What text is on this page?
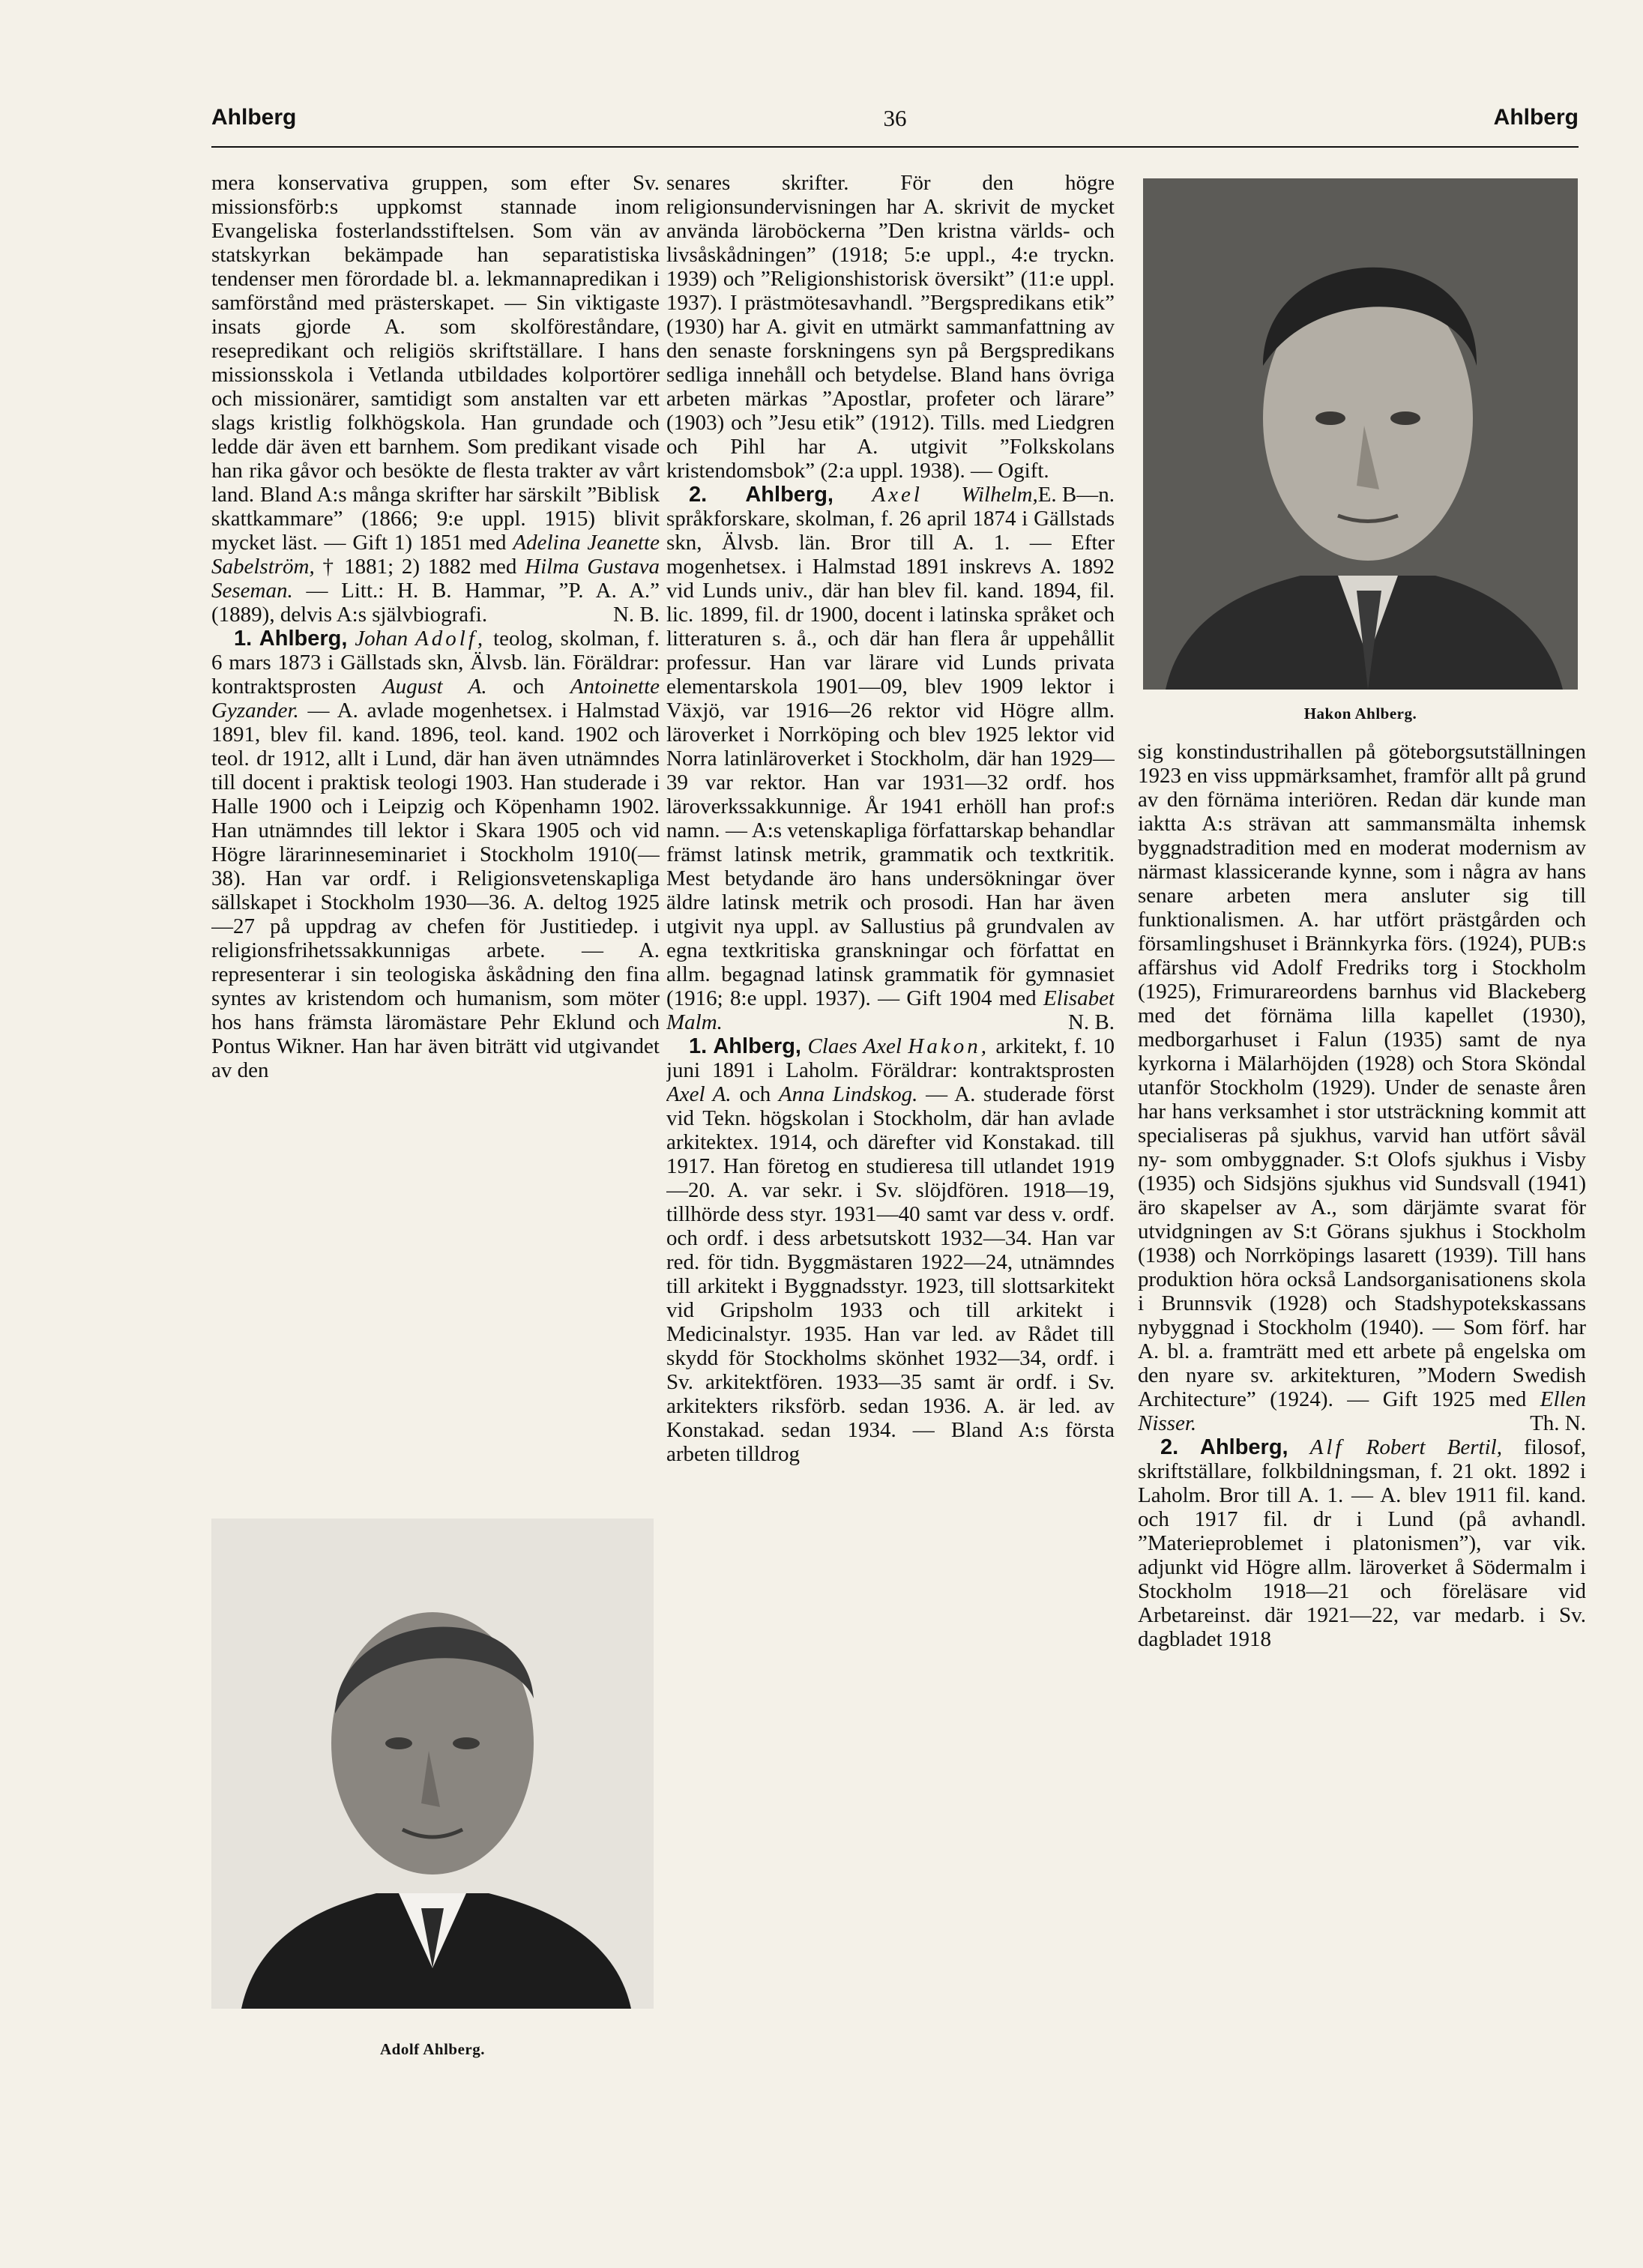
36
Ahlberg	Ahlberg

mera konservativa gruppen, som efter Sv. missionsförb:s uppkomst stannade inom Evangeliska fosterlandsstiftelsen. Som vän av statskyrkan bekämpade han separatistiska tendenser men förordade bl. a. lekmannapredikan i samförstånd med prästerskapet. — Sin viktigaste insats gjorde A. som skolföreståndare, resepredikant och religiös skriftställare. I hans missionsskola i Vetlanda utbildades kolportörer och missionärer, samtidigt som anstalten var ett slags kristlig folkhögskola. Han grundade och ledde där även ett barnhem. Som predikant visade han rika gåvor och besökte de flesta trakter av vårt land. Bland A:s många skrifter har särskilt ”Biblisk skattkammare” (1866; 9:e uppl. 1915) blivit mycket läst. — Gift 1) 1851 med Adelina Jeanette Sabelström, † 1881; 2) 1882 med Hilma Gustava Seseman. — Litt.: H. B. Hammar, ”P. A. A.” (1889), delvis A:s självbiografi.	N. B.

1. Ahlberg, Johan Adolf, teolog, skolman, f. 6 mars 1873 i Gällstads skn, Älvsb. län. Föräldrar: kontraktsprosten August A. och Antoinette Gyzander. — A. avlade mogenhetsex. i Halmstad 1891, blev fil. kand. 1896, teol. kand. 1902 och teol. dr 1912, allt i Lund, där han även utnämndes till docent i praktisk teologi 1903. Han studerade i Halle 1900 och i Leipzig och Köpenhamn 1902. Han utnämndes till lektor i Skara 1905 och vid Högre lärarinneseminariet i Stockholm 1910(—38). Han var ordf. i Religionsvetenskapliga sällskapet i Stockholm 1930—36. A. deltog 1925—27 på uppdrag av chefen för Justitiedep. i religionsfrihetssakkunnigas arbete. — A. representerar i sin teologiska åskådning den fina syntes av kristendom och humanism, som möter hos hans främsta läromästare Pehr Eklund och Pontus Wikner. Han har även biträtt vid utgivandet av den

Adolf Ahlberg.

senares skrifter. För den högre religionsundervisningen har A. skrivit de mycket använda läroböckerna ”Den kristna världs- och livsåskådningen” (1918; 5:e uppl., 4:e tryckn. 1939) och ”Religionshistorisk översikt” (11:e uppl. 1937). I prästmötesavhandl. ”Bergspredikans etik” (1930) har A. givit en utmärkt sammanfattning av den senaste forskningens syn på Bergspredikans sedliga innehåll och betydelse. Bland hans övriga arbeten märkas ”Apostlar, profeter och lärare” (1903) och ”Jesu etik” (1912). Tills. med Liedgren och Pihl har A. utgivit ”Folkskolans kristendomsbok” (2:a uppl. 1938). — Ogift.
E. B—n.

2. Ahlberg, Axel Wilhelm, språkforskare, skolman, f. 26 april 1874 i Gällstads skn, Älvsb. län. Bror till A. 1. — Efter mogenhetsex. i Halmstad 1891 inskrevs A. 1892 vid Lunds univ., där han blev fil. kand. 1894, fil. lic. 1899, fil. dr 1900, docent i latinska språket och litteraturen s. å., och där han flera år uppehållit professur. Han var lärare vid Lunds privata elementarskola 1901—09, blev 1909 lektor i Växjö, var 1916—26 rektor vid Högre allm. läroverket i Norrköping och blev 1925 lektor vid Norra latinläroverket i Stockholm, där han 1929—39 var rektor. Han var 1931—32 ordf. hos läroverkssakkunnige. År 1941 erhöll han prof:s namn. — A:s vetenskapliga författarskap behandlar främst latinsk metrik, grammatik och textkritik. Mest betydande äro hans undersökningar över äldre latinsk metrik och prosodi. Han har även utgivit nya uppl. av Sallustius på grundvalen av egna textkritiska granskningar och författat en allm. begagnad latinsk grammatik för gymnasiet (1916; 8:e uppl. 1937). — Gift 1904 med Elisabet Malm.	N. B.

1. Ahlberg, Claes Axel Hakon, arkitekt, f. 10 juni 1891 i Laholm. Föräldrar: kontraktsprosten Axel A. och Anna Lindskog. — A. studerade först vid Tekn. högskolan i Stockholm, där han avlade arkitektex. 1914, och därefter vid Konstakad. till 1917. Han företog en studieresa till utlandet 1919—20. A. var sekr. i Sv. slöjdfören. 1918—19, tillhörde dess styr. 1931—40 samt var dess v. ordf. och ordf. i dess arbetsutskott 1932—34. Han var red. för tidn. Byggmästaren 1922—24, utnämndes till arkitekt i Byggnadsstyr. 1923, till slottsarkitekt vid Gripsholm 1933 och till arkitekt i Medicinalstyr. 1935. Han var led. av Rådet till skydd för Stockholms skönhet 1932—34, ordf. i Sv. arkitektfören. 1933—35 samt är ordf. i Sv. arkitekters riksförb. sedan 1936. A. är led. av Konstakad. sedan 1934. — Bland A:s första arbeten tilldrog

Hakon Ahlberg.

sig konstindustrihallen på göteborgsutställningen 1923 en viss uppmärksamhet, framför allt på grund av den förnäma interiören. Redan där kunde man iaktta A:s strävan att sammansmälta inhemsk byggnadstradition med en moderat modernism av närmast klassicerande kynne, som i några av hans senare arbeten mera ansluter sig till funktionalismen. A. har utfört prästgården och församlingshuset i Brännkyrka förs. (1924), PUB:s affärshus vid Adolf Fredriks torg i Stockholm (1925), Frimurareordens barnhus vid Blackeberg med det förnäma lilla kapellet (1930), medborgarhuset i Falun (1935) samt de nya kyrkorna i Mälarhöjden (1928) och Stora Sköndal utanför Stockholm (1929). Under de senaste åren har hans verksamhet i stor utsträckning kommit att specialiseras på sjukhus, varvid han utfört såväl ny- som ombyggnader. S:t Olofs sjukhus i Visby (1935) och Sidsjöns sjukhus vid Sundsvall (1941) äro skapelser av A., som därjämte svarat för utvidgningen av S:t Görans sjukhus i Stockholm (1938) och Norrköpings lasarett (1939). Till hans produktion höra också Landsorganisationens skola i Brunnsvik (1928) och Stadshypotekskassans nybyggnad i Stockholm (1940). — Som förf. har A. bl. a. framträtt med ett arbete på engelska om den nyare sv. arkitekturen, ”Modern Swedish Architecture” (1924). — Gift 1925 med Ellen Nisser.	Th. N.

2. Ahlberg, Alf Robert Bertil, filosof, skriftställare, folkbildningsman, f. 21 okt. 1892 i Laholm. Bror till A. 1. — A. blev 1911 fil. kand. och 1917 fil. dr i Lund (på avhandl. ”Materieproblemet i platonismen”), var vik. adjunkt vid Högre allm. läroverket å Södermalm i Stockholm 1918—21 och föreläsare vid Arbetareinst. där 1921—22, var medarb. i Sv. dagbladet 1918
